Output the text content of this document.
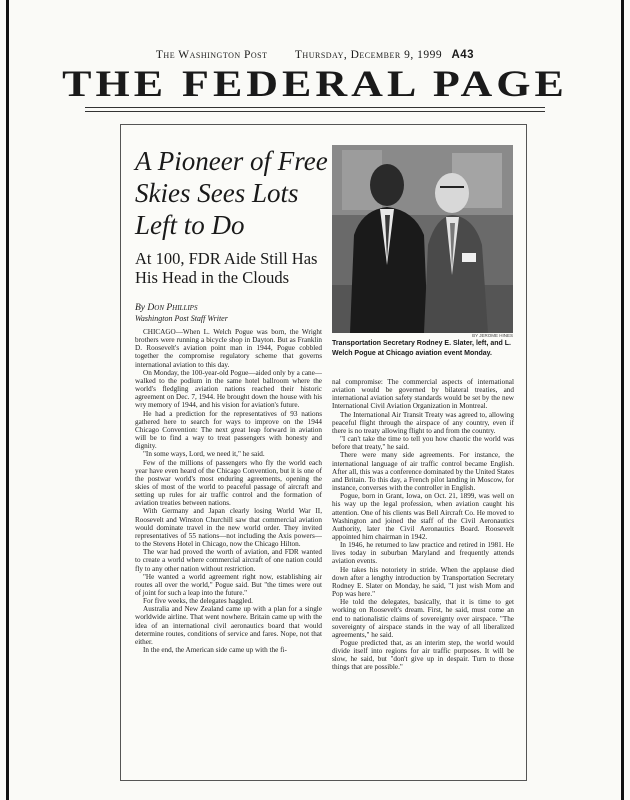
The Washington Post Thursday, December 9, 1999 A43
THE FEDERAL PAGE
A Pioneer of Free Skies Sees Lots Left to Do
At 100, FDR Aide Still Has His Head in the Clouds
By Don Phillips
Washington Post Staff Writer
BY JEROME HINES
Transportation Secretary Rodney E. Slater, left, and L. Welch Pogue at Chicago aviation event Monday.

CHICAGO—When L. Welch Pogue was born, the Wright brothers were running a bicycle shop in Dayton. But as Franklin D. Roosevelt's aviation point man in 1944, Pogue cobbled together the compromise regulatory scheme that governs international aviation to this day.

On Monday, the 100-year-old Pogue—aided only by a cane—walked to the podium in the same hotel ballroom where the world's fledgling aviation nations reached their historic agreement on Dec. 7, 1944. He brought down the house with his wry memory of 1944, and his vision for aviation's future.

He had a prediction for the representatives of 93 nations gathered here to search for ways to improve on the 1944 Chicago Convention: The next great leap forward in aviation will be to find a way to treat passengers with honesty and dignity.

"In some ways, Lord, we need it," he said.

Few of the millions of passengers who fly the world each year have even heard of the Chicago Convention, but it is one of the postwar world's most enduring agreements, opening the skies of most of the world to peaceful passage of aircraft and setting up rules for air traffic control and the formation of aviation treaties between nations.

With Germany and Japan clearly losing World War II, Roosevelt and Winston Churchill saw that commercial aviation would dominate travel in the new world order. They invited representatives of 55 nations—not including the Axis powers—to the Stevens Hotel in Chicago, now the Chicago Hilton.

The war had proved the worth of aviation, and FDR wanted to create a world where commercial aircraft of one nation could fly to any other nation without restriction.

"He wanted a world agreement right now, establishing air routes all over the world," Pogue said. But "the times were out of joint for such a leap into the future."

For five weeks, the delegates haggled.

Australia and New Zealand came up with a plan for a single worldwide airline. That went nowhere. Britain came up with the idea of an international civil aeronautics board that would determine routes, conditions of service and fares. Nope, not that either.

In the end, the American side came up with the fi-

nal compromise: The commercial aspects of international aviation would be governed by bilateral treaties, and international aviation safety standards would be set by the new International Civil Aviation Organization in Montreal.

The International Air Transit Treaty was agreed to, allowing peaceful flight through the airspace of any country, even if there is no treaty allowing flight to and from the country.

"I can't take the time to tell you how chaotic the world was before that treaty," he said.

There were many side agreements. For instance, the international language of air traffic control became English. After all, this was a conference dominated by the United States and Britain. To this day, a French pilot landing in Moscow, for instance, converses with the controller in English.

Pogue, born in Grant, Iowa, on Oct. 21, 1899, was well on his way up the legal profession, when aviation caught his attention. One of his clients was Bell Aircraft Co. He moved to Washington and joined the staff of the Civil Aeronautics Authority, later the Civil Aeronautics Board. Roosevelt appointed him chairman in 1942.

In 1946, he returned to law practice and retired in 1981. He lives today in suburban Maryland and frequently attends aviation events.

He takes his notoriety in stride. When the applause died down after a lengthy introduction by Transportation Secretary Rodney E. Slater on Monday, he said, "I just wish Mom and Pop was here."

He told the delegates, basically, that it is time to get working on Roosevelt's dream. First, he said, must come an end to nationalistic claims of sovereignty over airspace. "The sovereignty of airspace stands in the way of all liberalized agreements," he said.

Pogue predicted that, as an interim step, the world would divide itself into regions for air traffic purposes. It will be slow, he said, but "don't give up in despair. Turn to those things that are possible."
